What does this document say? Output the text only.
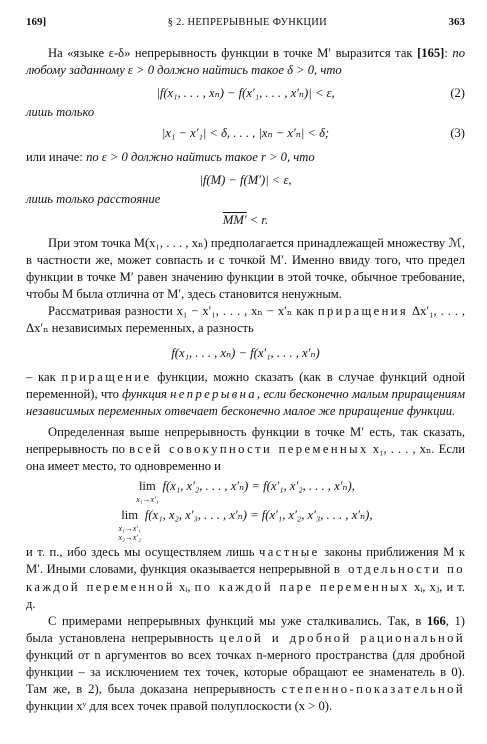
169]	§ 2. НЕПРЕРЫВНЫЕ ФУНКЦИИ	363

На «языке ε-δ» непрерывность функции в точке M′ выразится так [165]: по любому заданному ε > 0 должно найтись такое δ > 0, что

|f(x₁, . . . , xₙ) − f(x′₁, . . . , x′ₙ)| < ε,	(2)
лишь только
|x₁ − x′₁| < δ, . . . , |xₙ − x′ₙ| < δ;	(3)

или иначе: по ε > 0 должно найтись такое r > 0, что

|f(M) − f(M′)| < ε,
лишь только расстояние
MM′ < r.

При этом точка M(x₁, . . . , xₙ) предполагается принадлежащей множеству ℳ, в частности же, может совпасть и с точкой M′. Именно ввиду того, что предел функции в точке M′ равен значению функции в этой точке, обычное требование, чтобы M была отлична от M′, здесь становится ненужным.

Рассматривая разности x₁ − x′₁, . . . , xₙ − x′ₙ как приращения Δx′₁, . . . , Δx′ₙ независимых переменных, а разность

f(x₁, . . . , xₙ) − f(x′₁, . . . , x′ₙ)

– как приращение функции, можно сказать (как в случае функций одной переменной), что функция непрерывна, если бесконечно малым приращениям независимых переменных отвечает бесконечно малое же приращение функции.

Определенная выше непрерывность функции в точке M′ есть, так сказать, непрерывность по всей совокупности переменных x₁, . . . , xₙ. Если она имеет место, то одновременно и

lim
x₁→x′₁
f(x₁, x′₂, . . . , x′ₙ) = f(x′₁, x′₂, . . . , x′ₙ),
lim
x₁→x′₁
x₂→x′₂
f(x₁, x₂, x′₃, . . . , x′ₙ) = f(x′₁, x′₂, x′₃, . . . , x′ₙ),

и т. п., ибо здесь мы осуществляем лишь частные законы приближения M к M′. Иными словами, функция оказывается непрерывной в отдельности по каждой переменной xᵢ, по каждой паре переменных xᵢ, xⱼ, и т. д.

С примерами непрерывных функций мы уже сталкивались. Так, в 166, 1) была установлена непрерывность целой и дробной рациональной функций от n аргументов во всех точках n-мерного пространства (для дробной функции – за исключением тех точек, которые обращают ее знаменатель в 0). Там же, в 2), была доказана непрерывность степенно-показательной функции xʸ для всех точек правой полуплоскости (x > 0).
